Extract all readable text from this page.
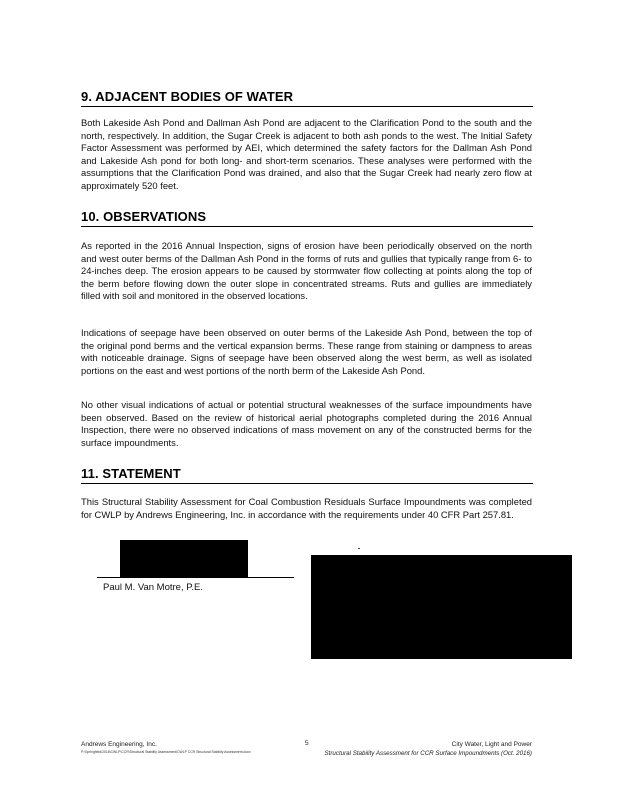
9. ADJACENT BODIES OF WATER

Both Lakeside Ash Pond and Dallman Ash Pond are adjacent to the Clarification Pond to the south and the north, respectively. In addition, the Sugar Creek is adjacent to both ash ponds to the west. The Initial Safety Factor Assessment was performed by AEI, which determined the safety factors for the Dallman Ash Pond and Lakeside Ash pond for both long- and short-term scenarios. These analyses were performed with the assumptions that the Clarification Pond was drained, and also that the Sugar Creek had nearly zero flow at approximately 520 feet.

10. OBSERVATIONS

As reported in the 2016 Annual Inspection, signs of erosion have been periodically observed on the north and west outer berms of the Dallman Ash Pond in the forms of ruts and gullies that typically range from 6- to 24-inches deep. The erosion appears to be caused by stormwater flow collecting at points along the top of the berm before flowing down the outer slope in concentrated streams. Ruts and gullies are immediately filled with soil and monitored in the observed locations.

Indications of seepage have been observed on outer berms of the Lakeside Ash Pond, between the top of the original pond berms and the vertical expansion berms. These range from staining or dampness to areas with noticeable drainage. Signs of seepage have been observed along the west berm, as well as isolated portions on the east and west portions of the north berm of the Lakeside Ash Pond.

No other visual indications of actual or potential structural weaknesses of the surface impoundments have been observed. Based on the review of historical aerial photographs completed during the 2016 Annual Inspection, there were no observed indications of mass movement on any of the constructed berms for the surface impoundments.

11. STATEMENT

This Structural Stability Assessment for Coal Combustion Residuals Surface Impoundments was completed for CWLP by Andrews Engineering, Inc. in accordance with the requirements under 40 CFR Part 257.81.

Paul M. Van Motre, P.E.
Andrews Engineering, Inc.
P:\Springfield\2016\CWLP\CCR\Structural Stability Assessment\CWLP CCR Structural Stability Assessment.docx
5	City Water, Light and Power
Structural Stability Assessment for CCR Surface Impoundments (Oct. 2016)
